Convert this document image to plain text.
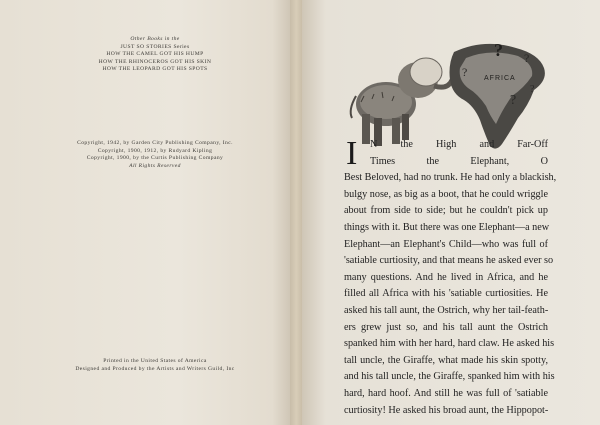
Other Books in the
JUST SO STORIES Series
HOW THE CAMEL GOT HIS HUMP
HOW THE RHINOCEROS GOT HIS SKIN
HOW THE LEOPARD GOT HIS SPOTS
Copyright, 1942, by Garden City Publishing Company, Inc.
Copyright, 1900, 1912, by Rudyard Kipling
Copyright, 1900, by the Curtis Publishing Company
All Rights Reserved
Printed in the United States of America
Designed and Produced by the Artists and Writers Guild, Inc
AFRICA
?
?
?
?
?
I	N the High and Far-Off
Times the Elephant, O
Best Beloved, had no trunk. He had only a blackish,
bulgy nose, as big as a boot, that he could wriggle
about from side to side; but he couldn't pick up
things with it. But there was one Elephant—a new
Elephant—an Elephant's Child—who was full of
'satiable curtiosity, and that means he asked ever so
many questions. And he lived in Africa, and he
filled all Africa with his 'satiable curtiosities. He
asked his tall aunt, the Ostrich, why her tail-feath-
ers grew just so, and his tall aunt the Ostrich
spanked him with her hard, hard claw. He asked his
tall uncle, the Giraffe, what made his skin spotty,
and his tall uncle, the Giraffe, spanked him with his
hard, hard hoof. And still he was full of 'satiable
curtiosity! He asked his broad aunt, the Hippopot-
